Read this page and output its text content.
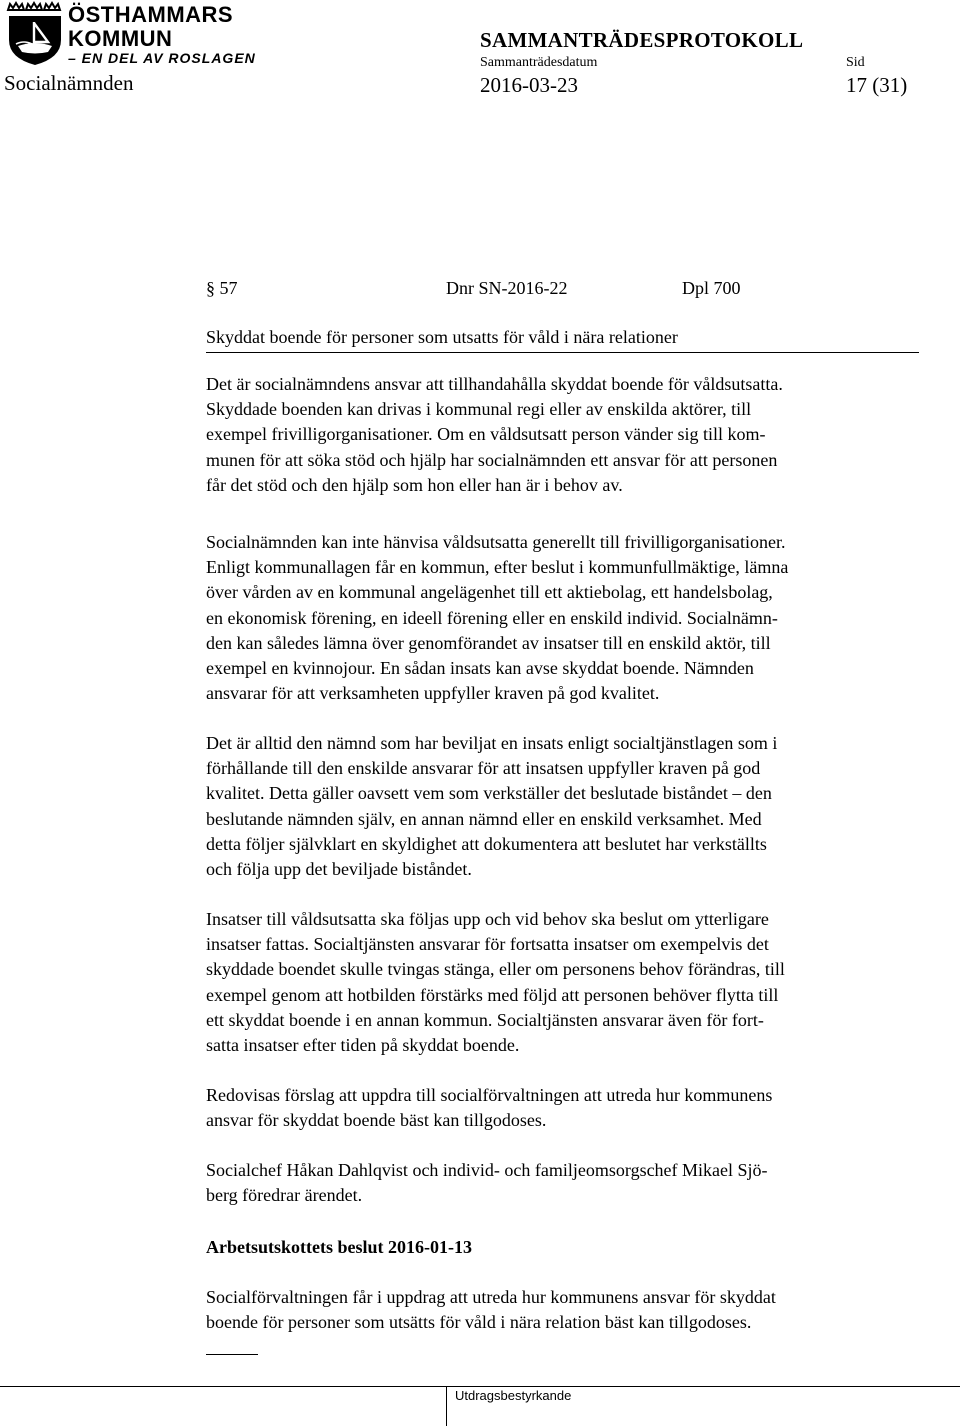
ÖSTHAMMARS
KOMMUN
– EN DEL AV ROSLAGEN
SAMMANTRÄDESPROTOKOLL
Sammanträdesdatum	Sid
Socialnämnden	2016-03-23	17 (31)
§ 57	Dnr SN-2016-22	Dpl 700
Skyddat boende för personer som utsatts för våld i nära relationer
Det är socialnämndens ansvar att tillhandahålla skyddat boende för våldsutsatta.
Skyddade boenden kan drivas i kommunal regi eller av enskilda aktörer, till
exempel frivilligorganisationer. Om en våldsutsatt person vänder sig till kom-
munen för att söka stöd och hjälp har socialnämnden ett ansvar för att personen
får det stöd och den hjälp som hon eller han är i behov av.
Socialnämnden kan inte hänvisa våldsutsatta generellt till frivilligorganisationer.
Enligt kommunallagen får en kommun, efter beslut i kommunfullmäktige, lämna
över vården av en kommunal angelägenhet till ett aktiebolag, ett handelsbolag,
en ekonomisk förening, en ideell förening eller en enskild individ. Socialnämn-
den kan således lämna över genomförandet av insatser till en enskild aktör, till
exempel en kvinnojour. En sådan insats kan avse skyddat boende. Nämnden
ansvarar för att verksamheten uppfyller kraven på god kvalitet.
Det är alltid den nämnd som har beviljat en insats enligt socialtjänstlagen som i
förhållande till den enskilde ansvarar för att insatsen uppfyller kraven på god
kvalitet. Detta gäller oavsett vem som verkställer det beslutade biståndet – den
beslutande nämnden själv, en annan nämnd eller en enskild verksamhet. Med
detta följer självklart en skyldighet att dokumentera att beslutet har verkställts
och följa upp det beviljade biståndet.
Insatser till våldsutsatta ska följas upp och vid behov ska beslut om ytterligare
insatser fattas. Socialtjänsten ansvarar för fortsatta insatser om exempelvis det
skyddade boendet skulle tvingas stänga, eller om personens behov förändras, till
exempel genom att hotbilden förstärks med följd att personen behöver flytta till
ett skyddat boende i en annan kommun. Socialtjänsten ansvarar även för fort-
satta insatser efter tiden på skyddat boende.
Redovisas förslag att uppdra till socialförvaltningen att utreda hur kommunens
ansvar för skyddat boende bäst kan tillgodoses.
Socialchef Håkan Dahlqvist och individ- och familjeomsorgschef Mikael Sjö-
berg föredrar ärendet.
Arbetsutskottets beslut 2016-01-13
Socialförvaltningen får i uppdrag att utreda hur kommunens ansvar för skyddat
boende för personer som utsätts för våld i nära relation bäst kan tillgodoses.
Utdragsbestyrkande
